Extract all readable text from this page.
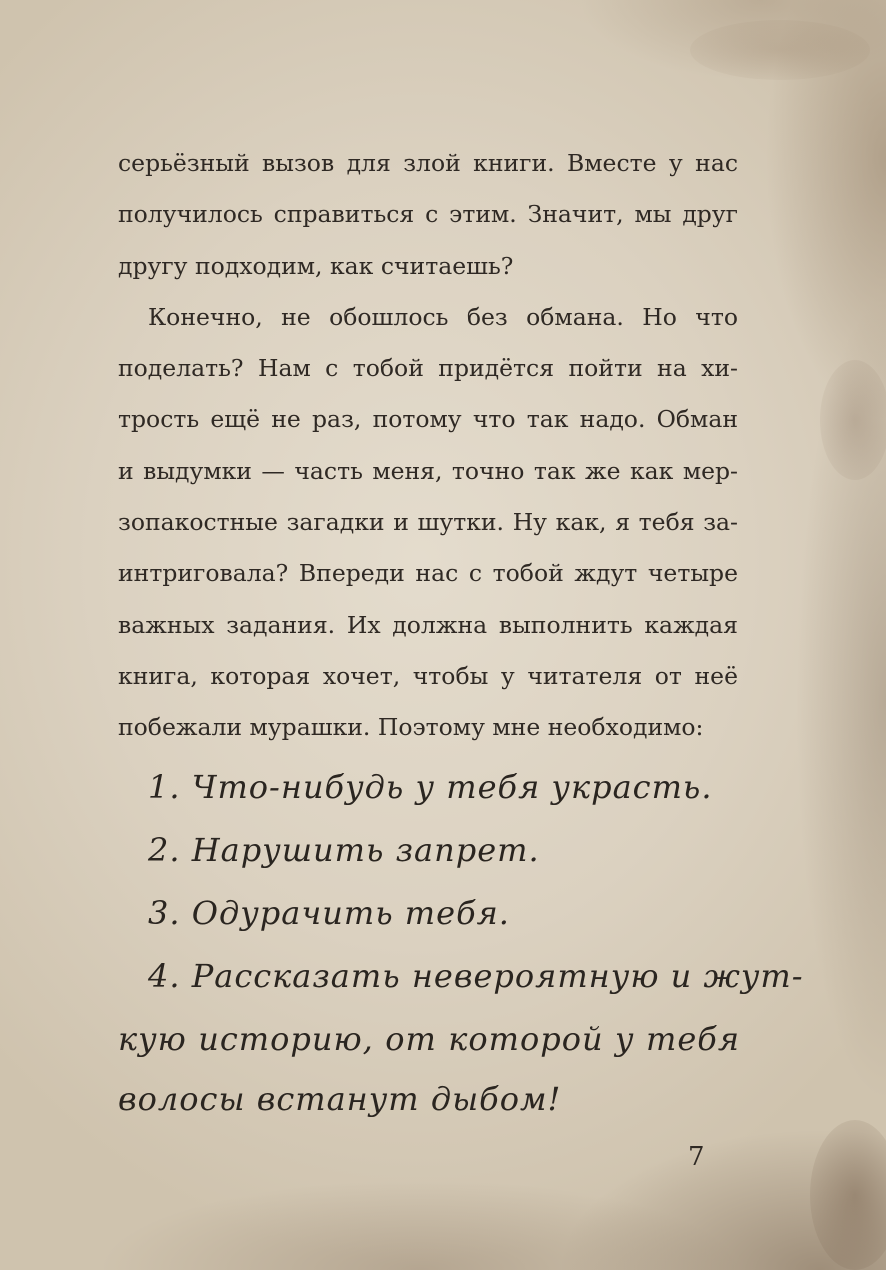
серьёзный вызов для злой книги. Вместе у нас
получилось справиться с этим. Значит, мы друг
другу подходим, как считаешь?
Конечно, не обошлось без обмана. Но что
поделать? Нам с тобой придётся пойти на хи-
трость ещё не раз, потому что так надо. Обман
и выдумки — часть меня, точно так же как мер-
зопакостные загадки и шутки. Ну как, я тебя за-
интриговала? Впереди нас с тобой ждут четыре
важных задания. Их должна выполнить каждая
книга, которая хочет, чтобы у читателя от неё
побежали мурашки. Поэтому мне необходимо:
1. Что-нибудь у тебя украсть.
2. Нарушить запрет.
3. Одурачить тебя.
4. Рассказать невероятную и жут-
кую историю, от которой у тебя
волосы встанут дыбом!
7
